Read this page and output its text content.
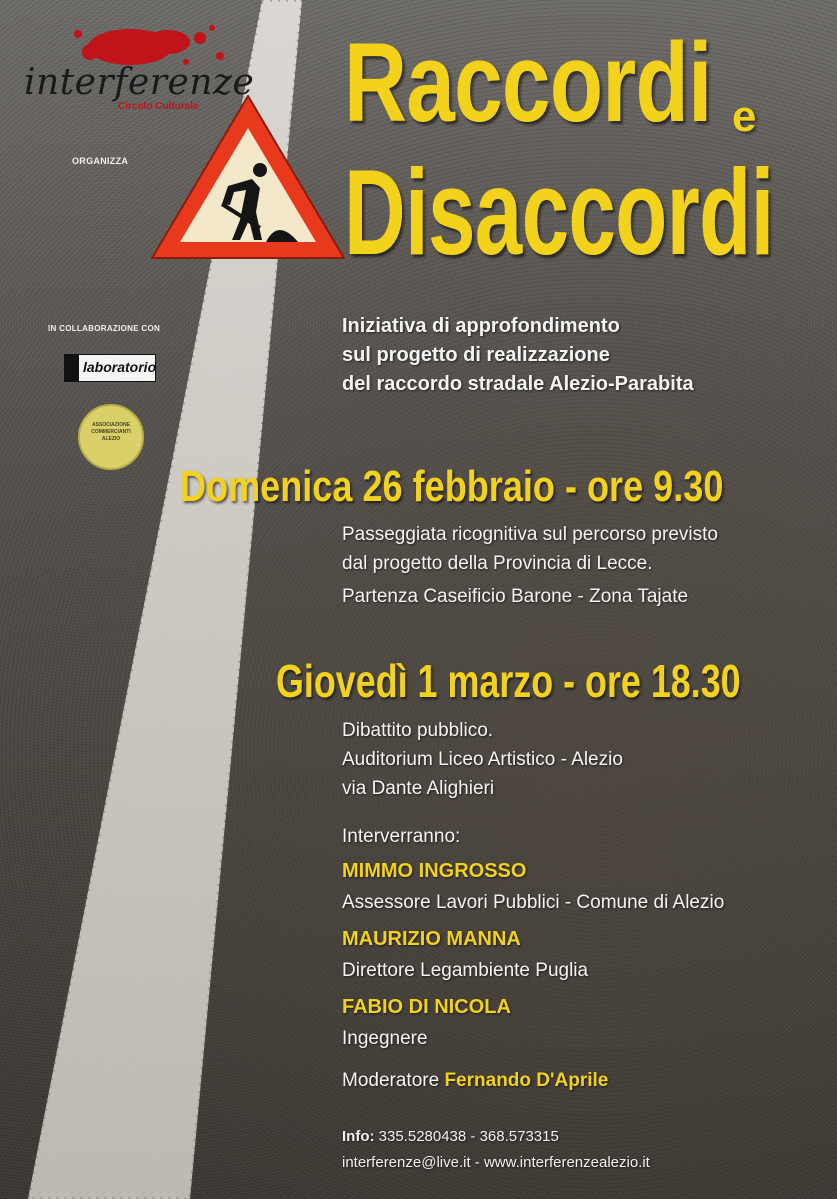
interferenze
Circolo Culturale
ORGANIZZA
Raccordi e
Disaccordi
Iniziativa di approfondimento
sul progetto di realizzazione
del raccordo stradale Alezio-Parabita
IN COLLABORAZIONE CON
laboratorio
ASSOCIAZIONE
COMMERCIANTI
ALEZIO
Domenica 26 febbraio - ore 9.30
Passeggiata ricognitiva sul percorso previsto
dal progetto della Provincia di Lecce.
Partenza Caseificio Barone - Zona Tajate
Giovedì 1 marzo - ore 18.30
Dibattito pubblico.
Auditorium Liceo Artistico - Alezio
via Dante Alighieri
Interverranno:
MIMMO INGROSSO
Assessore Lavori Pubblici - Comune di Alezio
MAURIZIO MANNA
Direttore Legambiente Puglia
FABIO DI NICOLA
Ingegnere
Moderatore Fernando D'Aprile
Info: 335.5280438 - 368.573315
interferenze@live.it - www.interferenzealezio.it
